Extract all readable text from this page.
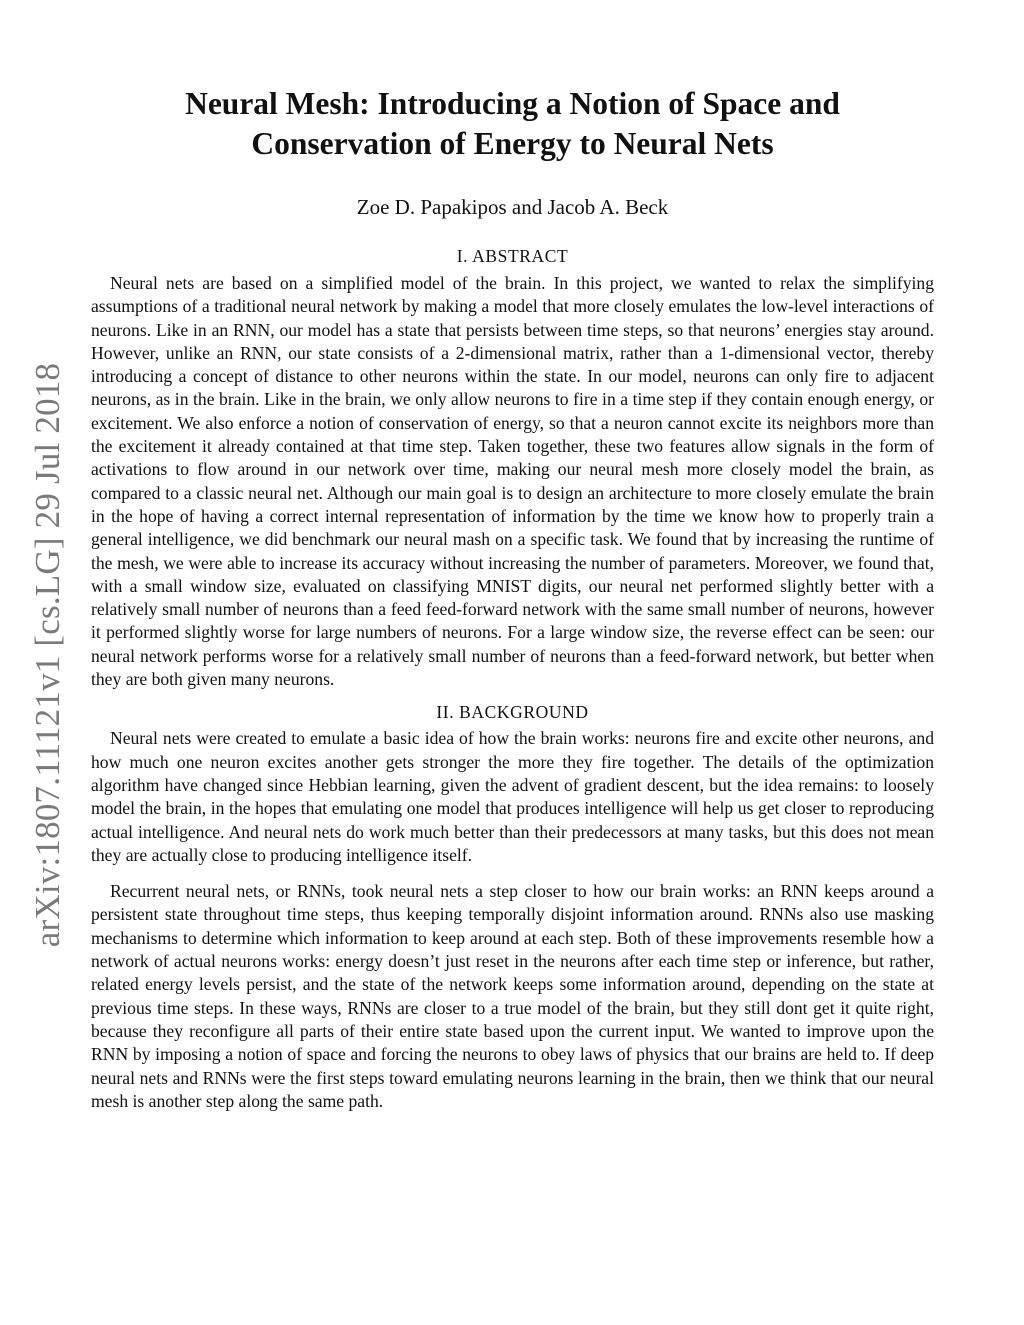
arXiv:1807.11121v1 [cs.LG] 29 Jul 2018
Neural Mesh: Introducing a Notion of Space and
Conservation of Energy to Neural Nets
Zoe D. Papakipos and Jacob A. Beck
I. ABSTRACT

Neural nets are based on a simplified model of the brain. In this project, we wanted to relax the simplifying assumptions of a traditional neural network by making a model that more closely emulates the low-level interactions of neurons. Like in an RNN, our model has a state that persists between time steps, so that neurons’ energies stay around. However, unlike an RNN, our state consists of a 2-dimensional matrix, rather than a 1-dimensional vector, thereby introducing a concept of distance to other neurons within the state. In our model, neurons can only fire to adjacent neurons, as in the brain. Like in the brain, we only allow neurons to fire in a time step if they contain enough energy, or excitement. We also enforce a notion of conservation of energy, so that a neuron cannot excite its neighbors more than the excitement it already contained at that time step. Taken together, these two features allow signals in the form of activations to flow around in our network over time, making our neural mesh more closely model the brain, as compared to a classic neural net. Although our main goal is to design an architecture to more closely emulate the brain in the hope of having a correct internal representation of information by the time we know how to properly train a general intelligence, we did benchmark our neural mash on a specific task. We found that by increasing the runtime of the mesh, we were able to increase its accuracy without increasing the number of parameters. Moreover, we found that, with a small window size, evaluated on classifying MNIST digits, our neural net performed slightly better with a relatively small number of neurons than a feed feed-forward network with the same small number of neurons, however it performed slightly worse for large numbers of neurons. For a large window size, the reverse effect can be seen: our neural network performs worse for a relatively small number of neurons than a feed-forward network, but better when they are both given many neurons.

II. BACKGROUND

Neural nets were created to emulate a basic idea of how the brain works: neurons fire and excite other neurons, and how much one neuron excites another gets stronger the more they fire together. The details of the optimization algorithm have changed since Hebbian learning, given the advent of gradient descent, but the idea remains: to loosely model the brain, in the hopes that emulating one model that produces intelligence will help us get closer to reproducing actual intelligence. And neural nets do work much better than their predecessors at many tasks, but this does not mean they are actually close to producing intelligence itself.

Recurrent neural nets, or RNNs, took neural nets a step closer to how our brain works: an RNN keeps around a persistent state throughout time steps, thus keeping temporally disjoint information around. RNNs also use masking mechanisms to determine which information to keep around at each step. Both of these improvements resemble how a network of actual neurons works: energy doesn’t just reset in the neurons after each time step or inference, but rather, related energy levels persist, and the state of the network keeps some information around, depending on the state at previous time steps. In these ways, RNNs are closer to a true model of the brain, but they still dont get it quite right, because they reconfigure all parts of their entire state based upon the current input. We wanted to improve upon the RNN by imposing a notion of space and forcing the neurons to obey laws of physics that our brains are held to. If deep neural nets and RNNs were the first steps toward emulating neurons learning in the brain, then we think that our neural mesh is another step along the same path.
